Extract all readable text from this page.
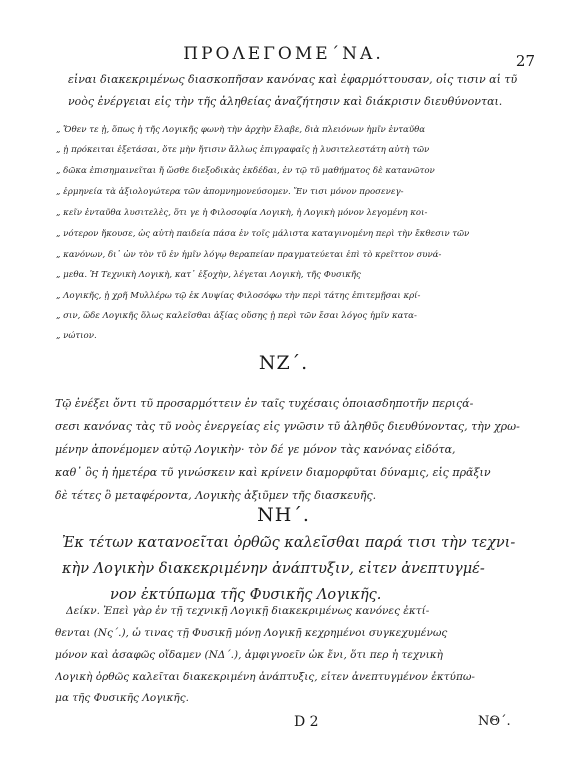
ΠΡΟΛΕΓΟΜΕ΄ΝΑ.	27
εἶναι διακεκριμένως διασκοπῆσαν κανόνας καὶ ἐφαρμόττουσαν, οἷς τισιν αἱ τῦ
νοὸς ἐνέργειαι εἰς τὴν τῆς ἀληθείας ἀναζήτησιν καὶ διάκρισιν διευθύνονται.
„ Ὅθεν τε ᾗ, ὅπως ἡ τῆς Λογικῆς φωνὴ τὴν ἀρχὴν ἔλαβε, διὰ πλειόνων ἡμῖν ἐνταῦθα
„ ᾗ πρόκειται ἐξετάσαι, ὅτε μὴν ἤτισιν ἄλλως ἐπιγραφαῖς ᾗ λυσιτελεστάτη αὐτὴ τῶν
„ δῶκα ἐπισημαινεῖται ἤ ὥσθε διεξοδικὰς ἐκδέδαι, ἐν τῷ τῦ μαθήματος δὲ κατανῶτον
„ ἐρμηνεία τὰ ἀξιολογώτερα τῶν ἀπομνημονεύσομεν. Ἔν τισι μόνον προσενεγ-
„ κεῖν ἐνταῦθα λυσιτελὲς, ὅτι γε ἡ Φιλοσοφία Λογικὴ, ἡ Λογικὴ μόνον λεγομένη κοι-
„ νότερον ἤκουσε, ὡς αὐτὴ παιδεία πάσα ἐν τοῖς μάλιστα καταγινομένη περὶ τὴν ἔκθεσιν τῶν
„ κανόνων, δι᾽ ὧν τὸν τῦ ἐν ἡμῖν λόγῳ θεραπείαν πραγματεύεται ἐπὶ τὸ κρεῖττον συνά-
„ μεθα. Ἡ Τεχνικὴ Λογικὴ, κατ᾽ ἐξοχὴν, λέγεται Λογικὴ, τῆς Φυσικῆς
„ Λογικῆς, ᾗ χρῆ Μυλλέρω τῷ ἐκ Λυψίας Φιλοσόφω τὴν περὶ τάτης ἐπιτεμῇσαι κρί-
„ σιν, ὥδε Λογικῆς ὅλως καλεῖσθαι ἀξίας οὔσης ᾗ περὶ τῶν ἔσαι λόγος ἡμῖν κατα-
„ νώτιον.
ΝΖ΄.
Τῷ ἐνέξει ὄντι τῦ προσαρμόττειν ἐν ταῖς τυχέσαις ὁποιασδηποτῆν περιςά-
σεσι κανόνας τὰς τῦ νοὸς ἐνεργείας εἰς γνῶσιν τῦ ἀληθῦς διευθύνοντας, τὴν χρω-
μένην ἀπονέμομεν αὐτῷ Λογικὴν· τὸν δέ γε μόνον τὰς κανόνας εἰδότα,
καθ᾽ ὃς ἡ ἡμετέρα τῦ γινώσκειν καὶ κρίνειν διαμορφῦται δύναμις, εἰς πρᾶξιν
δὲ τέτες ὃ μεταφέροντα, Λογικὴς ἀξιῦμεν τῆς διασκευῆς.
ΝΗ΄.
Ἐκ τέτων κατανοεῖται ὀρθῶς καλεῖσθαι παρά τισι τὴν τεχνι-
κὴν Λογικὴν διακεκριμένην ἀνάπτυξιν, εἶτεν ἀνεπτυγμέ-
νον ἐκτύπωμα τῆς Φυσικῆς Λογικῆς.
Δείκν. Ἐπεὶ γὰρ ἐν τῇ τεχνικῇ Λογικῇ διακεκριμένως κανόνες ἐκτί-
θενται (Νς΄.), ὧ τινας τῇ Φυσικῇ μόνῃ Λογικῇ κεχρημένοι συγκεχυμένως
μόνον καὶ ἀσαφῶς οἴδαμεν (ΝΔ΄.), ἀμφιγνοεῖν ὧκ ἔνι, ὅτι περ ἡ τεχνικὴ
Λογικὴ ὀρθῶς καλεῖται διακεκριμένη ἀνάπτυξις, εἶτεν ἀνεπτυγμένον ἐκτύπω-
μα τῆς Φυσικῆς Λογικῆς.
D 2	ΝΘ΄.
